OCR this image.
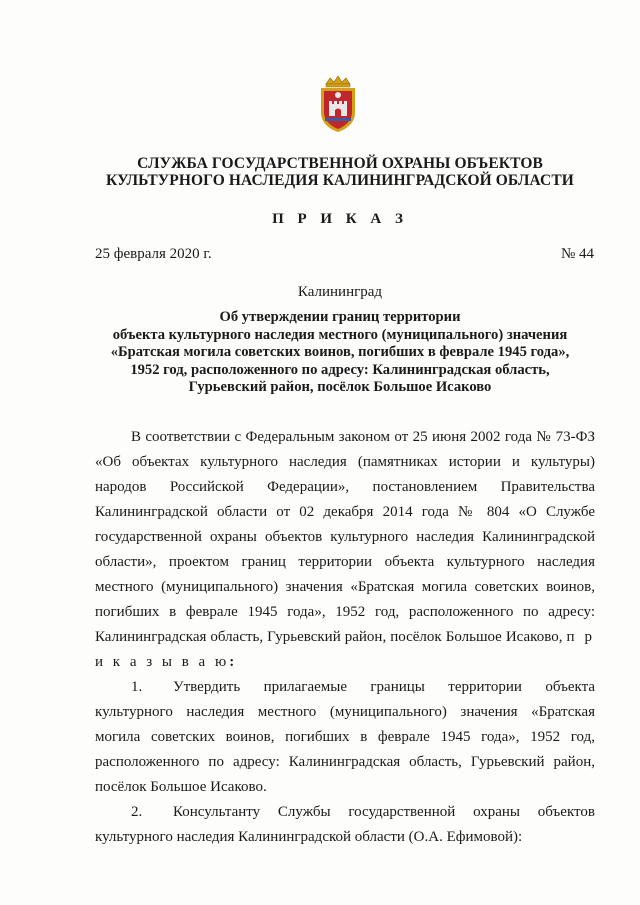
СЛУЖБА ГОСУДАРСТВЕННОЙ ОХРАНЫ ОБЪЕКТОВ
КУЛЬТУРНОГО НАСЛЕДИЯ КАЛИНИНГРАДСКОЙ ОБЛАСТИ
П Р И К А З
25 февраля 2020 г.	№ 44
Калининград
Об утверждении границ территории
объекта культурного наследия местного (муниципального) значения
«Братская могила советских воинов, погибших в феврале 1945 года»,
1952 год, расположенного по адресу: Калининградская область,
Гурьевский район, посёлок Большое Исаково

В соответствии с Федеральным законом от 25 июня 2002 года № 73-ФЗ «Об объектах культурного наследия (памятниках истории и культуры) народов Российской Федерации», постановлением Правительства Калининградской области от 02 декабря 2014 года № 804 «О Службе государственной охраны объектов культурного наследия Калининградской области», проектом границ территории объекта культурного наследия местного (муниципального) значения «Братская могила советских воинов, погибших в феврале 1945 года», 1952 год, расположенного по адресу: Калининградская область, Гурьевский район, посёлок Большое Исаково, п р и к а з ы в а ю:

1. Утвердить прилагаемые границы территории объекта культурного наследия местного (муниципального) значения «Братская могила советских воинов, погибших в феврале 1945 года», 1952 год, расположенного по адресу: Калининградская область, Гурьевский район, посёлок Большое Исаково.

2. Консультанту Службы государственной охраны объектов культурного наследия Калининградской области (О.А. Ефимовой):
